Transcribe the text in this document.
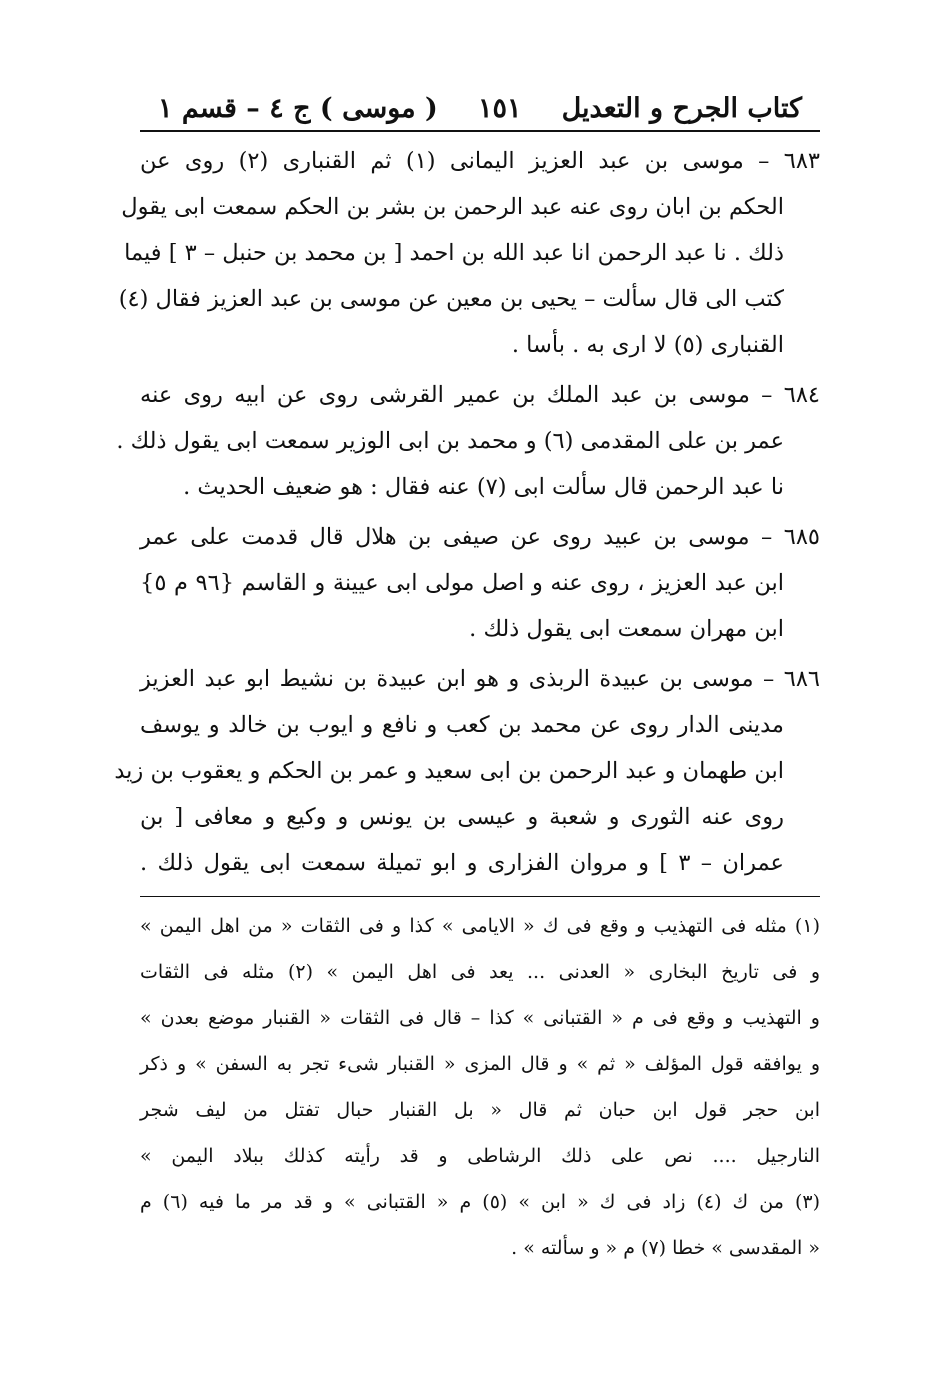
كتاب الجرح و التعديل
١٥١
( موسى ) ج ٤ – قسم ١
٦٨٣ – موسى بن عبد العزيز اليمانى (١) ثم القنبارى (٢) روى عن
الحكم بن ابان روى عنه عبد الرحمن بن بشر بن الحكم سمعت ابى يقول
ذلك . نا عبد الرحمن انا عبد الله بن احمد [ بن محمد بن حنبل – ٣ ] فيما
كتب الى قال سألت – يحيى بن معين عن موسى بن عبد العزيز فقال (٤)
القنبارى (٥) لا ارى به . بأسا .
٦٨٤ – موسى بن عبد الملك بن عمير القرشى روى عن ابيه روى عنه
عمر بن على المقدمى (٦) و محمد بن ابى الوزير سمعت ابى يقول ذلك .
نا عبد الرحمن قال سألت ابى (٧) عنه فقال : هو ضعيف الحديث .
٦٨٥ – موسى بن عبيد روى عن صيفى بن هلال قال قدمت على عمر
ابن عبد العزيز ، روى عنه و اصل مولى ابى عيينة و القاسم {٩٦ م ٥}
ابن مهران سمعت ابى يقول ذلك .
٦٨٦ – موسى بن عبيدة الربذى و هو ابن عبيدة بن نشيط ابو عبد العزيز
مدينى الدار روى عن محمد بن كعب و نافع و ايوب بن خالد و يوسف
ابن طهمان و عبد الرحمن بن ابى سعيد و عمر بن الحكم و يعقوب بن زيد
روى عنه الثورى و شعبة و عيسى بن يونس و وكيع و معافى [ بن
عمران – ٣ ] و مروان الفزارى و ابو تميلة سمعت ابى يقول ذلك .
(١) مثله فى التهذيب و وقع فى ك « الايامى » كذا و فى الثقات « من اهل اليمن »
و فى تاريخ البخارى « العدنى ... يعد فى اهل اليمن » (٢) مثله فى الثقات
و التهذيب و وقع فى م « القتبانى » كذا – قال فى الثقات « القنبار موضع بعدن »
و يوافقه قول المؤلف « ثم » و قال المزى « القنبار شىء تجر به السفن » و ذكر
ابن حجر قول ابن حبان ثم قال « بل القنبار حبال تفتل من ليف شجر
النارجيل .... نص على ذلك الرشاطى و قد رأيته كذلك ببلاد اليمن »
(٣) من ك (٤) زاد فى ك « ابن » (٥) م « القتبانى » و قد مر ما فيه (٦) م
« المقدسى » خطا (٧) م « و سألته » .
